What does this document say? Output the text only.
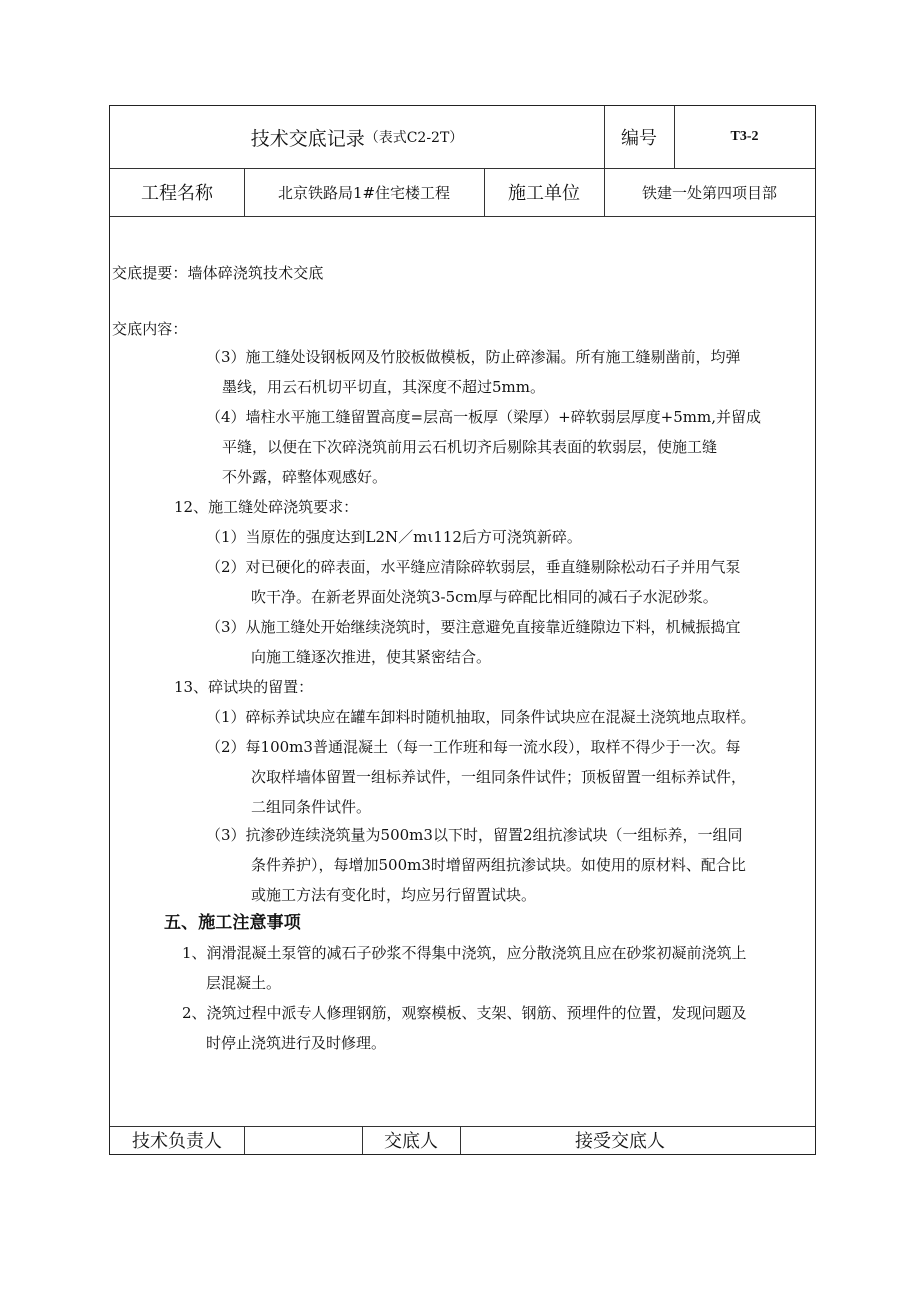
技术交底记录 （表式C2-2T）	编号	T3-2
工程名称	北京铁路局1#住宅楼工程	施工单位	铁建一处第四项目部
交底提要：墙体碎浇筑技术交底
交底内容：
（3）施工缝处设钢板网及竹胶板做模板，防止碎渗漏。所有施工缝剔凿前，均弹
墨线，用云石机切平切直，其深度不超过5mm。
（4）墙柱水平施工缝留置高度=层高一板厚（梁厚）+碎软弱层厚度+5mm,并留成
平缝，以便在下次碎浇筑前用云石机切齐后剔除其表面的软弱层，使施工缝
不外露，碎整体观感好。
12、施工缝处碎浇筑要求：
（1）当原佐的强度达到L2N／mι112后方可浇筑新碎。
（2）对已硬化的碎表面，水平缝应清除碎软弱层，垂直缝剔除松动石子并用气泵
吹干净。在新老界面处浇筑3-5cm厚与碎配比相同的减石子水泥砂浆。
（3）从施工缝处开始继续浇筑时，要注意避免直接靠近缝隙边下料，机械振捣宜
向施工缝逐次推进，使其紧密结合。
13、碎试块的留置：
（1）碎标养试块应在罐车卸料时随机抽取，同条件试块应在混凝土浇筑地点取样。
（2）每100m3普通混凝土（每一工作班和每一流水段），取样不得少于一次。每
次取样墙体留置一组标养试件，一组同条件试件；顶板留置一组标养试件，
二组同条件试件。
（3）抗渗砂连续浇筑量为500m3以下时，留置2组抗渗试块（一组标养，一组同
条件养护），每增加500m3时增留两组抗渗试块。如使用的原材料、配合比
或施工方法有变化时，均应另行留置试块。
五、施工注意事项
1、润滑混凝土泵管的减石子砂浆不得集中浇筑，应分散浇筑且应在砂浆初凝前浇筑上
层混凝土。
2、浇筑过程中派专人修理钢筋，观察模板、支架、钢筋、预埋件的位置，发现问题及
时停止浇筑进行及时修理。
技术负责人	交底人	接受交底人
